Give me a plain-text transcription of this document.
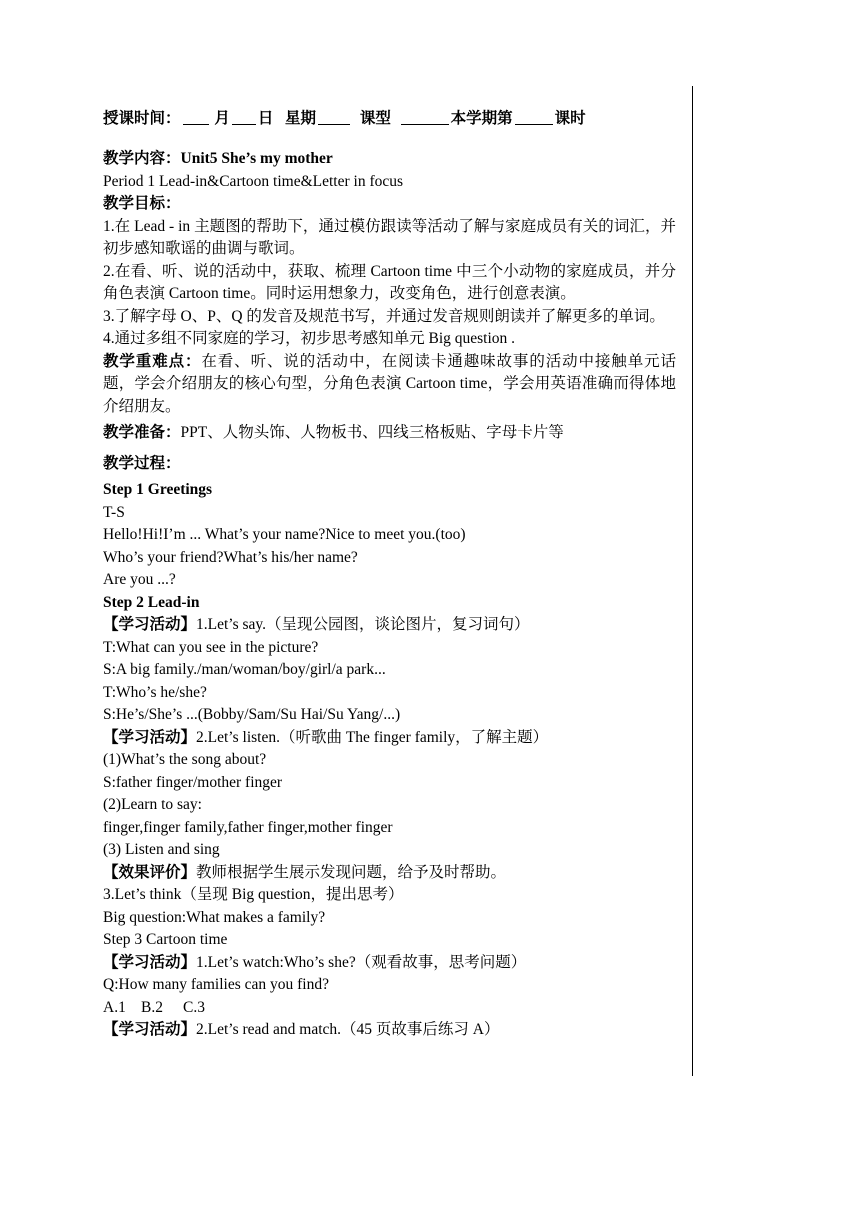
授课时间： 月 日 星期	课型	本学期第	课时
教学内容：Unit5 She’s my mother
Period 1 Lead-in&Cartoon time&Letter in focus
教学目标：
1.在 Lead - in 主题图的帮助下，通过模仿跟读等活动了解与家庭成员有关的词汇，并初步感知歌谣的曲调与歌词。
2.在看、听、说的活动中，获取、梳理 Cartoon time 中三个小动物的家庭成员，并分角色表演 Cartoon time。同时运用想象力，改变角色，进行创意表演。
3.了解字母 O、P、Q 的发音及规范书写，并通过发音规则朗读并了解更多的单词。
4.通过多组不同家庭的学习，初步思考感知单元 Big question .
教学重难点：在看、听、说的活动中，在阅读卡通趣味故事的活动中接触单元话题，学会介绍朋友的核心句型，分角色表演 Cartoon time，学会用英语准确而得体地介绍朋友。
教学准备：PPT、人物头饰、人物板书、四线三格板贴、字母卡片等
教学过程：
Step 1 Greetings
T-S
Hello!Hi!I’m ... What’s your name?Nice to meet you.(too)
Who’s your friend?What’s his/her name?
Are you ...?
Step 2 Lead-in
【学习活动】1.Let’s say.（呈现公园图，谈论图片，复习词句）
T:What can you see in the picture?
S:A big family./man/woman/boy/girl/a park...
T:Who’s he/she?
S:He’s/She’s ...(Bobby/Sam/Su Hai/Su Yang/...)
【学习活动】2.Let’s listen.（听歌曲 The finger family，了解主题）
(1)What’s the song about?
S:father finger/mother finger
(2)Learn to say:
finger,finger family,father finger,mother finger
(3) Listen and sing
【效果评价】教师根据学生展示发现问题，给予及时帮助。
3.Let’s think（呈现 Big question，提出思考）
Big question:What makes a family?
Step 3 Cartoon time
【学习活动】1.Let’s watch:Who’s she?（观看故事，思考问题）
Q:How many families can you find?
A.1 B.2 C.3
【学习活动】2.Let’s read and match.（45 页故事后练习 A）
